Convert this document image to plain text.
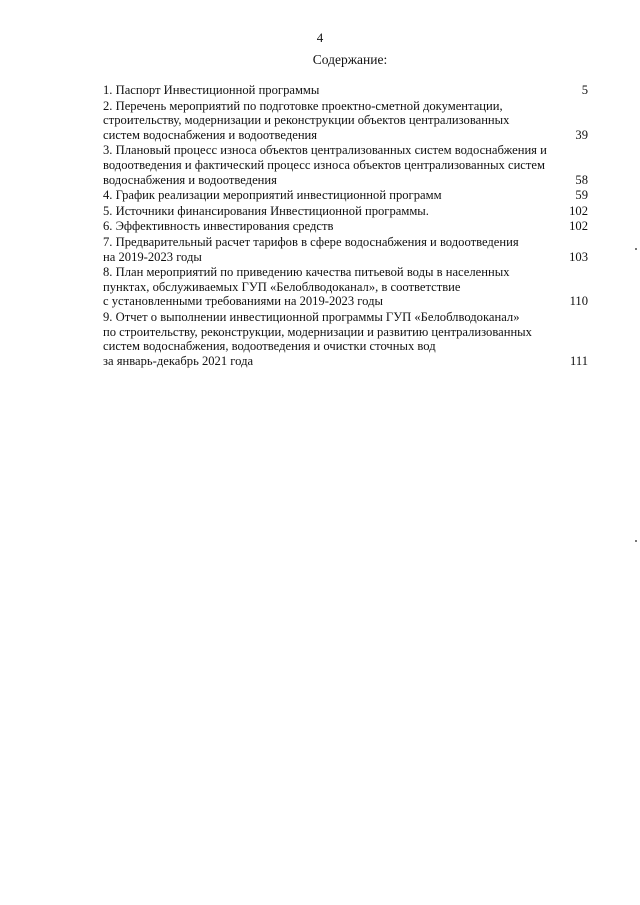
4
Содержание:
1. Паспорт Инвестиционной программы	5
2. Перечень мероприятий по подготовке проектно-сметной документации,
строительству, модернизации и реконструкции объектов централизованных
систем водоснабжения и водоотведения	39
3. Плановый процесс износа объектов централизованных систем водоснабжения и
водоотведения и фактический процесс износа объектов централизованных систем
водоснабжения и водоотведения	58
4. График реализации мероприятий инвестиционной программ	59
5. Источники финансирования Инвестиционной программы.	102
6. Эффективность инвестирования средств	102
7. Предварительный расчет тарифов в сфере водоснабжения и водоотведения
на 2019-2023 годы	103
8. План мероприятий по приведению качества питьевой воды в населенных
пунктах, обслуживаемых ГУП «Белоблводоканал», в соответствие
с установленными требованиями на 2019-2023 годы	110
9. Отчет о выполнении инвестиционной программы ГУП «Белоблводоканал»
по строительству, реконструкции, модернизации и развитию централизованных
систем водоснабжения, водоотведения и очистки сточных вод
за январь-декабрь 2021 года	111
